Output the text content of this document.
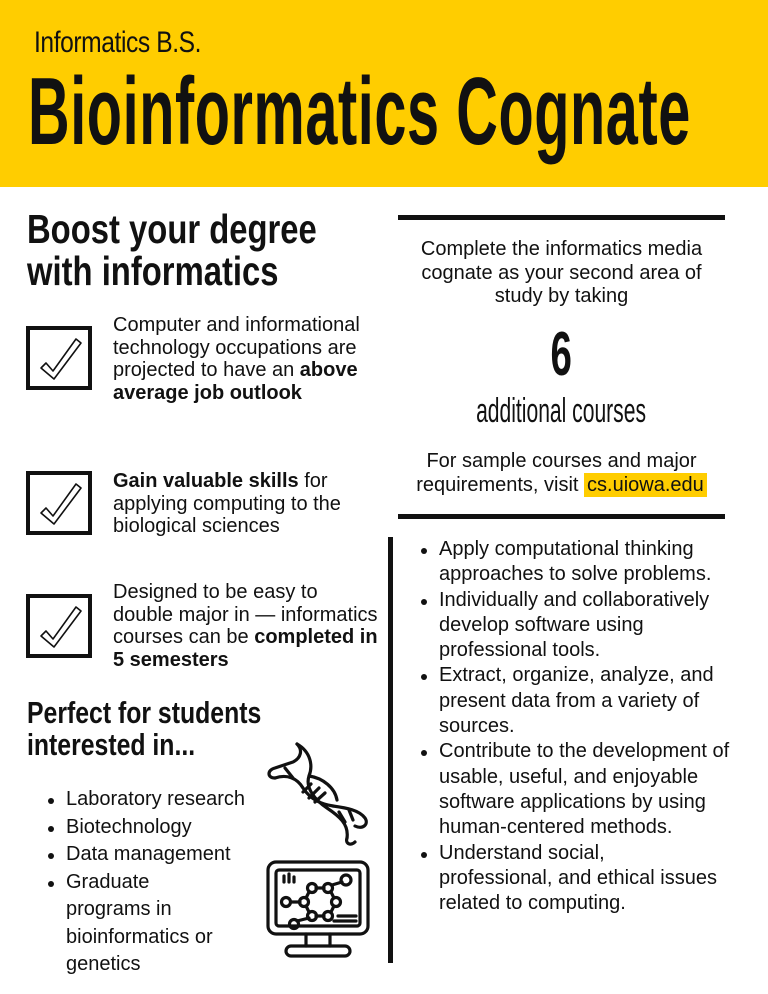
Informatics B.S.
Bioinformatics Cognate
Boost your degree with informatics
Computer and informational technology occupations are projected to have an above average job outlook
Gain valuable skills for applying computing to the biological sciences
Designed to be easy to double major in — informatics courses can be completed in 5 semesters
Perfect for students interested in...
Laboratory research
Biotechnology
Data management
Graduate programs in bioinformatics or genetics
Complete the informatics media cognate as your second area of study by taking
6
additional courses
For sample courses and major requirements, visit cs.uiowa.edu
Apply computational thinking approaches to solve problems.
Individually and collaboratively develop software using professional tools.
Extract, organize, analyze, and present data from a variety of sources.
Contribute to the development of usable, useful, and enjoyable software applications by using human-centered methods.
Understand social, professional, and ethical issues related to computing.
